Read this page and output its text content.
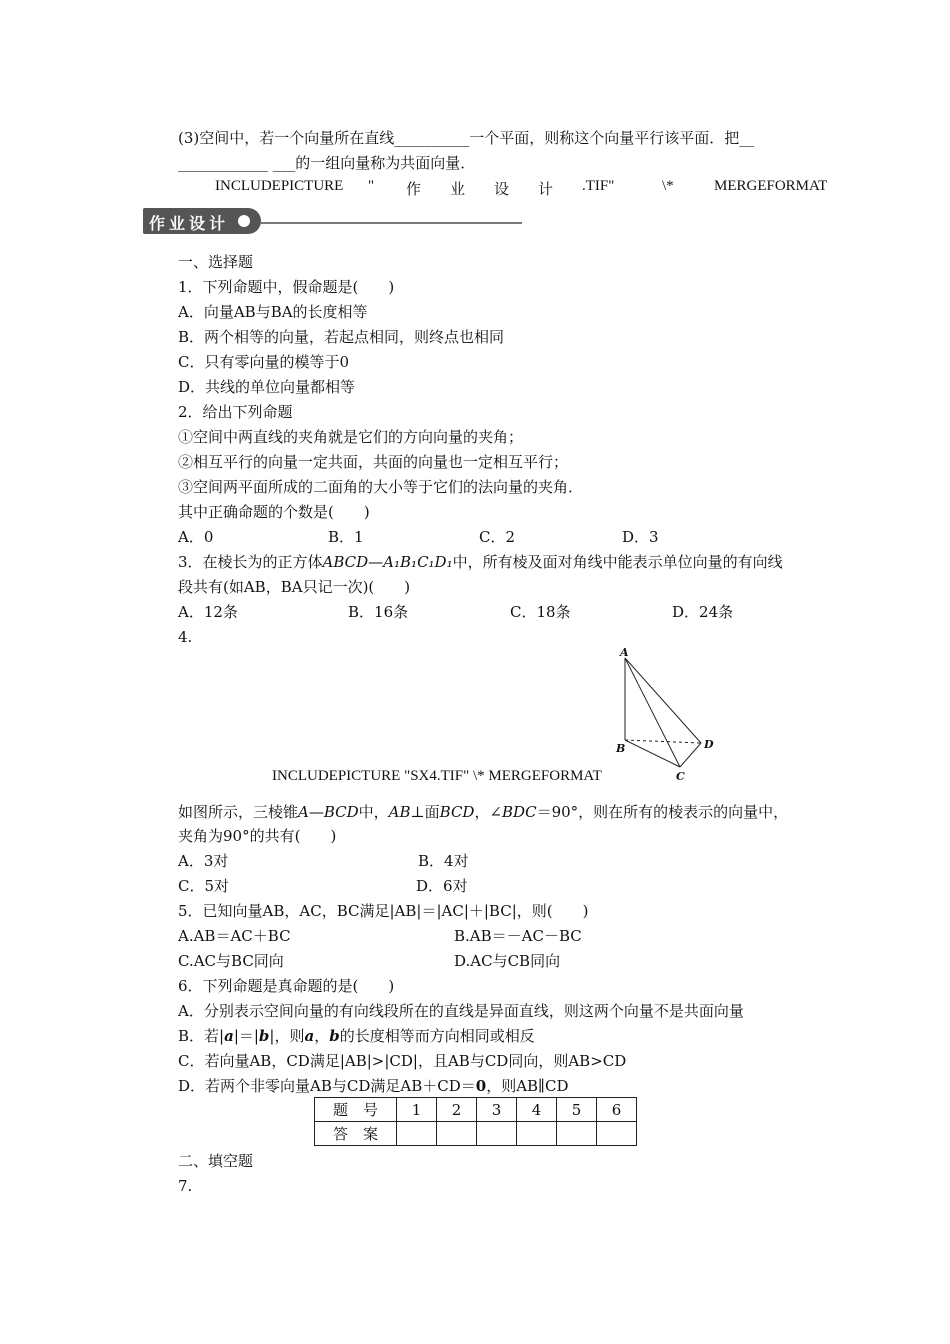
(3)空间中，若一个向量所在直线__________一个平面，则称这个向量平行该平面．把__
____________ ___的一组向量称为共面向量．
INCLUDEPICTURE " 作 业 设 计 .TIF"	\*	MERGEFORMAT
作业设计
一、选择题
1．下列命题中，假命题是(　　)
A．向量AB与BA的长度相等
B．两个相等的向量，若起点相同，则终点也相同
C．只有零向量的模等于0
D．共线的单位向量都相等
2．给出下列命题
①空间中两直线的夹角就是它们的方向向量的夹角；
②相互平行的向量一定共面，共面的向量也一定相互平行；
③空间两平面所成的二面角的大小等于它们的法向量的夹角．
其中正确命题的个数是(　　)
A．0	B．1	C．2	D．3
3．在棱长为的正方体ABCD—A₁B₁C₁D₁中，所有棱及面对角线中能表示单位向量的有向线
段共有(如AB，BA只记一次)(　　)
A．12条	B．16条	C．18条	D．24条
4.
A
B
C
D
INCLUDEPICTURE "SX4.TIF" \* MERGEFORMAT
如图所示，三棱锥A—BCD中，AB⊥面BCD，∠BDC＝90°，则在所有的棱表示的向量中，
夹角为90°的共有(　　)
A．3对	B．4对
C．5对	D．6对
5．已知向量AB，AC，BC满足|AB|＝|AC|＋|BC|，则(　　)
A.AB＝AC＋BC	B.AB＝－AC－BC
C.AC与BC同向	D.AC与CB同向
6．下列命题是真命题的是(　　)
A．分别表示空间向量的有向线段所在的直线是异面直线，则这两个向量不是共面向量
B．若|a|＝|b|，则a，b的长度相等而方向相同或相反
C．若向量AB，CD满足|AB|>|CD|，且AB与CD同向，则AB>CD
D．若两个非零向量AB与CD满足AB＋CD＝0，则AB∥CD
题　号	1	2	3	4	5	6
答　案						
二、填空题
7.
